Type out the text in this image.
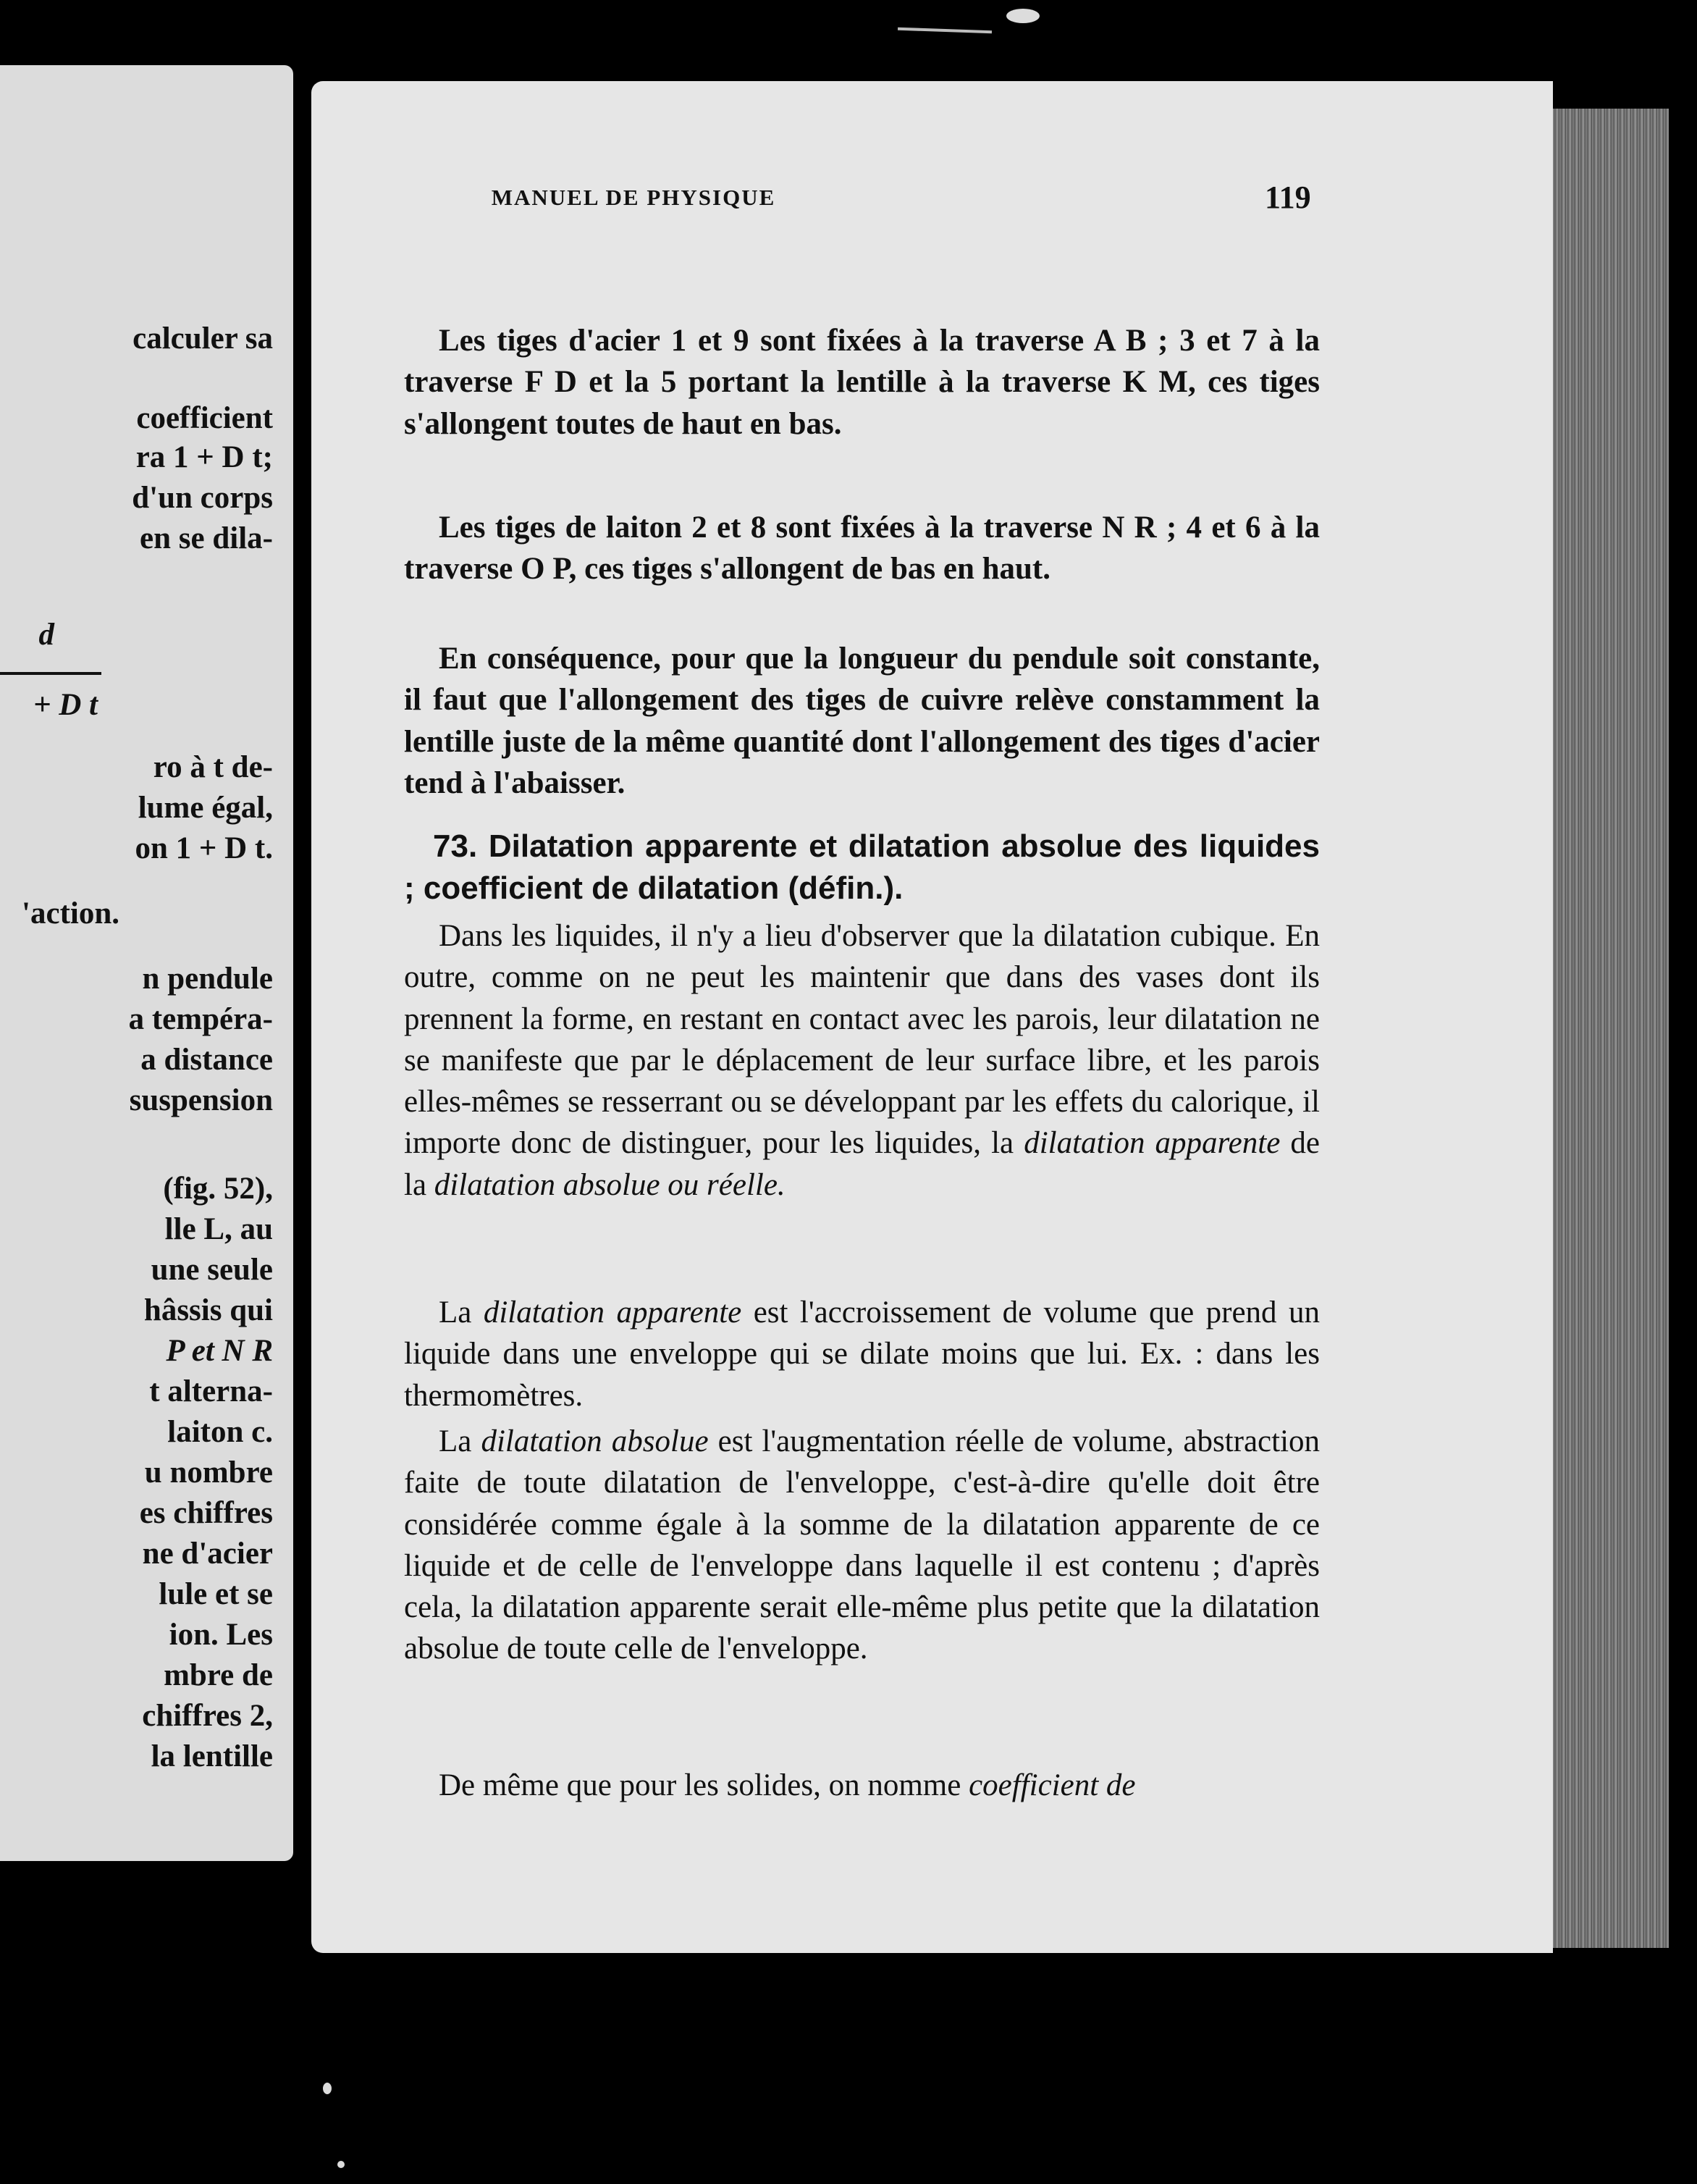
calculer sa

coefficient

ra 1 + D t;

d'un corps

en se dila-

d

+ D t

ro à t de-

lume égal,

on 1 + D t.

'action.

n pendule

a tempéra-

a distance

suspension

(fig. 52),

lle L, au

une seule

hâssis qui

P et N R

t alterna-

laiton c.

u nombre

es chiffres

ne d'acier

lule et se

ion. Les

mbre de

chiffres 2,

la lentille

MANUEL DE PHYSIQUE	119

Les tiges d'acier 1 et 9 sont fixées à la traverse A B ; 3 et 7 à la traverse F D et la 5 portant la lentille à la traverse K M, ces tiges s'allongent toutes de haut en bas.

Les tiges de laiton 2 et 8 sont fixées à la traverse N R ; 4 et 6 à la traverse O P, ces tiges s'allongent de bas en haut.

En conséquence, pour que la longueur du pendule soit constante, il faut que l'allongement des tiges de cuivre relève constamment la lentille juste de la même quantité dont l'allongement des tiges d'acier tend à l'abaisser.

73. Dilatation apparente et dilatation absolue des liquides ; coefficient de dilatation (défin.).

Dans les liquides, il n'y a lieu d'observer que la dilatation cubique. En outre, comme on ne peut les maintenir que dans des vases dont ils prennent la forme, en restant en contact avec les parois, leur dilatation ne se manifeste que par le déplacement de leur surface libre, et les parois elles-mêmes se resserrant ou se développant par les effets du calorique, il importe donc de distinguer, pour les liquides, la dilatation apparente de la dilatation absolue ou réelle.

La dilatation apparente est l'accroissement de volume que prend un liquide dans une enveloppe qui se dilate moins que lui. Ex. : dans les thermomètres.

La dilatation absolue est l'augmentation réelle de volume, abstraction faite de toute dilatation de l'enveloppe, c'est-à-dire qu'elle doit être considérée comme égale à la somme de la dilatation apparente de ce liquide et de celle de l'enveloppe dans laquelle il est contenu ; d'après cela, la dilatation apparente serait elle-même plus petite que la dilatation absolue de toute celle de l'enveloppe.

De même que pour les solides, on nomme coefficient de
